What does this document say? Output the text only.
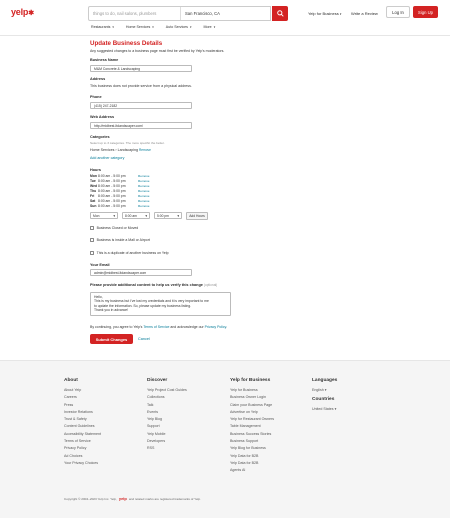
yelp✱	things to do, nail salons, plumbers	San Francisco, CA	Yelp for Business ▾ Write a Review	Log In	Sign Up
Restaurants ▾	Home Services ▾	Auto Services ▾	More ▾
Update Business Details
Any suggested changes to a business page must first be verified by Yelp's moderators.
Business Name
M&M Concrete & Landscaping
Address
This business does not provide service from a physical address.
Phone
(415) 247-2182
Web Address
http://midbest-ltdandscaper.com/
Categories
Select up to 3 categories. The more specific the better.
Home Services › Landscaping Remove
Add another category
Hours
Mon 8:00 am - 5:00 pm	Remove
Tue 8:00 am - 5:00 pm	Remove
Wed 8:00 am - 5:00 pm	Remove
Thu 8:00 am - 5:00 pm	Remove
Fri	8:00 am - 5:00 pm	Remove
Sat 8:00 am - 5:00 pm	Remove
Sun 8:00 am - 5:00 pm	Remove
Mon	▾	8:00 am	▾	5:00 pm	▾	Add Hours
Business Closed or Moved
Business is inside a Mall or Airport
This is a duplicate of another business on Yelp
Your Email
admin@midbest-ltdandscaper.com
Please provide additional content to help us verify this change (optional)
Hello,
This is my business but I've lost my credentials and it is very important to me
to update the information. So, please update my business listing.
Thank you in advance!
By continuing, you agree to Yelp's Terms of Service and acknowledge our Privacy Policy.
Submit Changes	Cancel
About
About Yelp
Careers
Press
Investor Relations
Trust & Safety
Content Guidelines
Accessibility Statement
Terms of Service
Privacy Policy
Ad Choices
Your Privacy Choices
Discover
Yelp Project Cost Guides
Collections
Talk
Events
Yelp Blog
Support
Yelp Mobile
Developers
RSS
Yelp for Business
Yelp for Business
Business Owner Login
Claim your Business Page
Advertise on Yelp
Yelp for Restaurant Owners
Table Management
Business Success Stories
Business Support
Yelp Blog for Business
Yelp Data for B2B
Yelp Data for B2B
Agents AI
Languages
English ▾
Countries
United States ▾
Copyright © 2004–2023 Yelp Inc. Yelp, yelp and related marks are registered trademarks of Yelp.
